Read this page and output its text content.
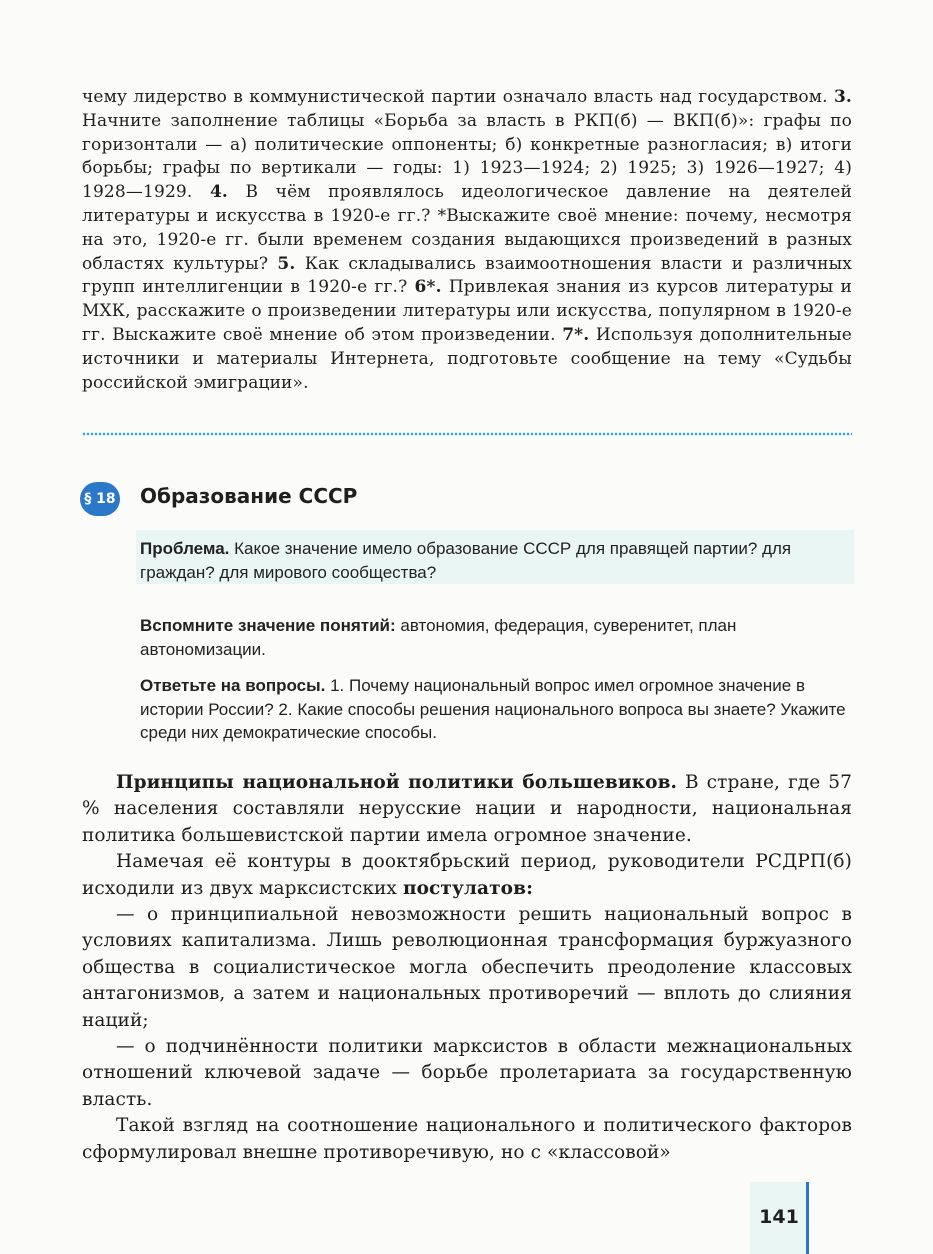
чему лидерство в коммунистической партии означало власть над государством. 3. Начните заполнение таблицы «Борьба за власть в РКП(б) — ВКП(б)»: графы по горизонтали — а) политические оппоненты; б) конкретные разногласия; в) итоги борьбы; графы по вертикали — годы: 1) 1923—1924; 2) 1925; 3) 1926—1927; 4) 1928—1929. 4. В чём проявлялось идеологическое давление на деятелей литературы и искусства в 1920-е гг.? *Выскажите своё мнение: почему, несмотря на это, 1920-е гг. были временем создания выдающихся произведений в разных областях культуры? 5. Как складывались взаимоотношения власти и различных групп интеллигенции в 1920-е гг.? 6*. Привлекая знания из курсов литературы и МХК, расскажите о произведении литературы или искусства, популярном в 1920-е гг. Выскажите своё мнение об этом произведении. 7*. Используя дополнительные источники и материалы Интернета, подготовьте сообщение на тему «Судьбы российской эмиграции».
§ 18 Образование СССР
Проблема. Какое значение имело образование СССР для правящей партии? для граждан? для мирового сообщества?
Вспомните значение понятий: автономия, федерация, суверенитет, план автономизации.
Ответьте на вопросы. 1. Почему национальный вопрос имел огромное значение в истории России? 2. Какие способы решения национального вопроса вы знаете? Укажите среди них демократические способы.

Принципы национальной политики большевиков. В стране, где 57 % населения составляли нерусские нации и народности, национальная политика большевистской партии имела огромное значение.

Намечая её контуры в дооктябрьский период, руководители РСДРП(б) исходили из двух марксистских постулатов:

— о принципиальной невозможности решить национальный вопрос в условиях капитализма. Лишь революционная трансформация буржуазного общества в социалистическое могла обеспечить преодоление классовых антагонизмов, а затем и национальных противоречий — вплоть до слияния наций;

— о подчинённости политики марксистов в области межнациональных отношений ключевой задаче — борьбе пролетариата за государственную власть.

Такой взгляд на соотношение национального и политического факторов сформулировал внешне противоречивую, но с «классовой»

141
